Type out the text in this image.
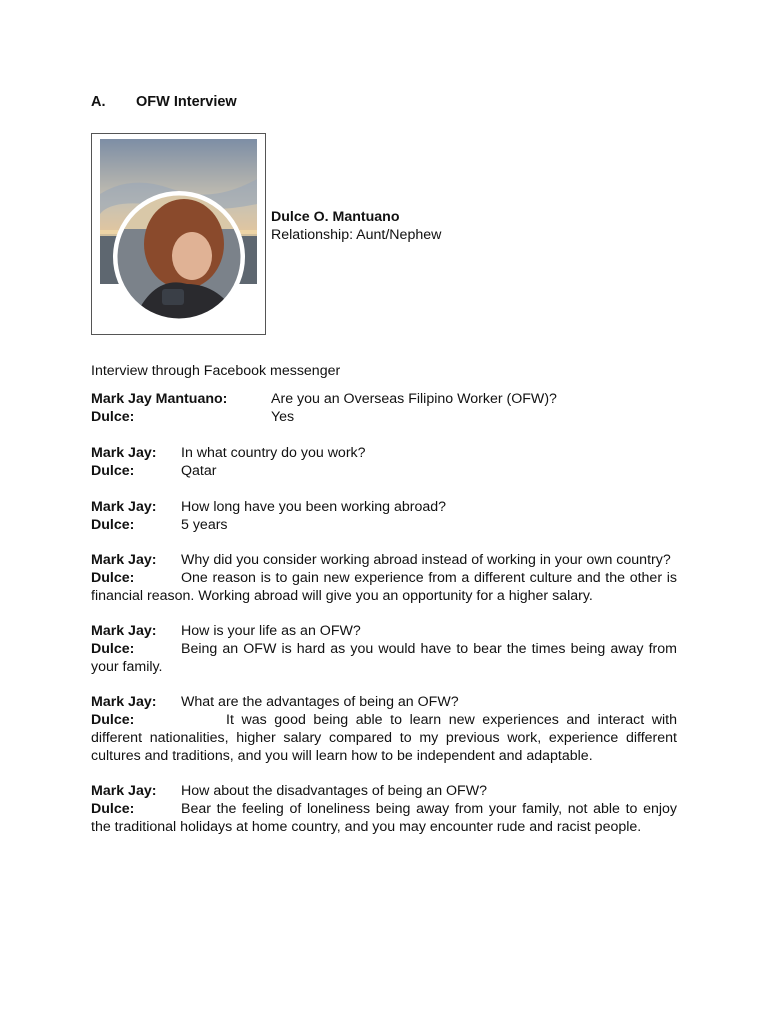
A. OFW Interview
Dulce O. Mantuano
Relationship: Aunt/Nephew
Interview through Facebook messenger
Mark Jay Mantuano:	Are you an Overseas Filipino Worker (OFW)?
Dulce:	Yes
Mark Jay: In what country do you work?
Dulce:	Qatar
Mark Jay: How long have you been working abroad?
Dulce:	5 years
Mark Jay: Why did you consider working abroad instead of working in your own country?
Dulce:	One reason is to gain new experience from a different culture and the other is financial reason. Working abroad will give you an opportunity for a higher salary.
Mark Jay: How is your life as an OFW?
Dulce:	Being an OFW is hard as you would have to bear the times being away from your family.
Mark Jay: What are the advantages of being an OFW?
Dulce:	It was good being able to learn new experiences and interact with different nationalities, higher salary compared to my previous work, experience different cultures and traditions, and you will learn how to be independent and adaptable.
Mark Jay: How about the disadvantages of being an OFW?
Dulce:	Bear the feeling of loneliness being away from your family, not able to enjoy the traditional holidays at home country, and you may encounter rude and racist people.
